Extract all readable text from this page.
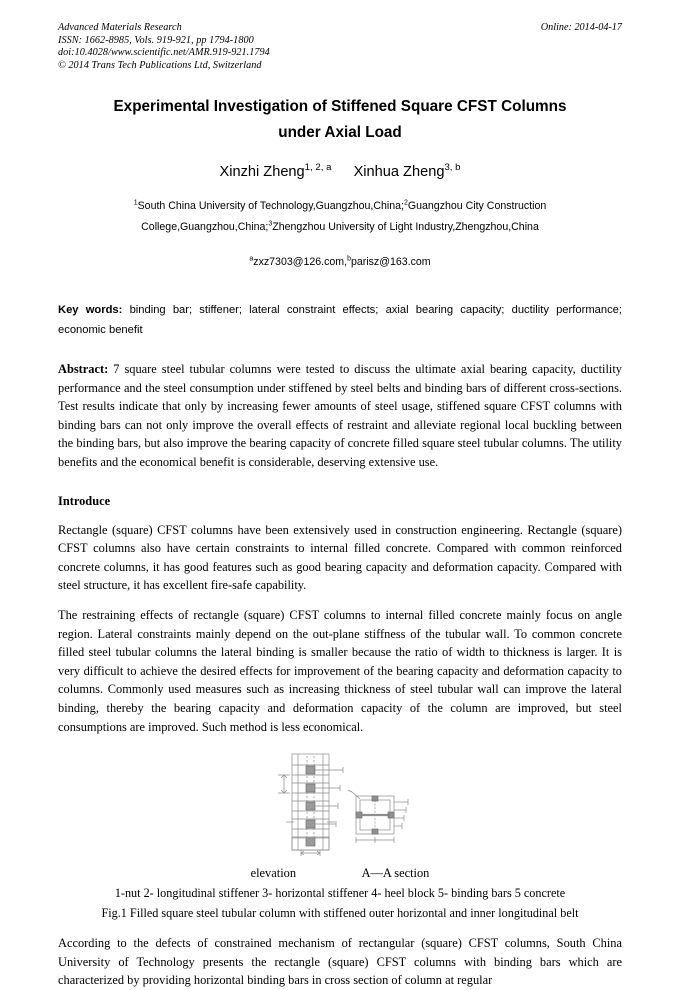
Advanced Materials Research
ISSN: 1662-8985, Vols. 919-921, pp 1794-1800
doi:10.4028/www.scientific.net/AMR.919-921.1794
© 2014 Trans Tech Publications Ltd, Switzerland
Online: 2014-04-17
Experimental Investigation of Stiffened Square CFST Columns
under Axial Load
Xinzhi Zheng$^{1, 2, a}$ Xinhua Zheng$^{3, b}$
$^1$South China University of Technology,Guangzhou,China;$^2$Guangzhou City Construction
College,Guangzhou,China;$^3$Zhengzhou University of Light Industry,Zhengzhou,China
$^a$zxz7303@126.com,$^b$parisz@163.com
Key words: binding bar; stiffener; lateral constraint effects; axial bearing capacity; ductility performance; economic benefit
Abstract: 7 square steel tubular columns were tested to discuss the ultimate axial bearing capacity, ductility performance and the steel consumption under stiffened by steel belts and binding bars of different cross-sections. Test results indicate that only by increasing fewer amounts of steel usage, stiffened square CFST columns with binding bars can not only improve the overall effects of restraint and alleviate regional local buckling between the binding bars, but also improve the bearing capacity of concrete filled square steel tubular columns. The utility benefits and the economical benefit is considerable, deserving extensive use.
Introduce

Rectangle (square) CFST columns have been extensively used in construction engineering. Rectangle (square) CFST columns also have certain constraints to internal filled concrete. Compared with common reinforced concrete columns, it has good features such as good bearing capacity and deformation capacity. Compared with steel structure, it has excellent fire-safe capability.

The restraining effects of rectangle (square) CFST columns to internal filled concrete mainly focus on angle region. Lateral constraints mainly depend on the out-plane stiffness of the tubular wall. To common concrete filled steel tubular columns the lateral binding is smaller because the ratio of width to thickness is larger. It is very difficult to achieve the desired effects for improvement of the bearing capacity and deformation capacity to columns. Commonly used measures such as increasing thickness of steel tubular wall can improve the lateral binding, thereby the bearing capacity and deformation capacity of the column are improved, but steel consumptions are improved. Such method is less economical.

elevation	A—A section
1-nut 2- longitudinal stiffener 3- horizontal stiffener 4- heel block 5- binding bars 5 concrete
Fig.1 Filled square steel tubular column with stiffened outer horizontal and inner longitudinal belt

According to the defects of constrained mechanism of rectangular (square) CFST columns, South China University of Technology presents the rectangle (square) CFST columns with binding bars which are characterized by providing horizontal binding bars in cross section of column at regular
